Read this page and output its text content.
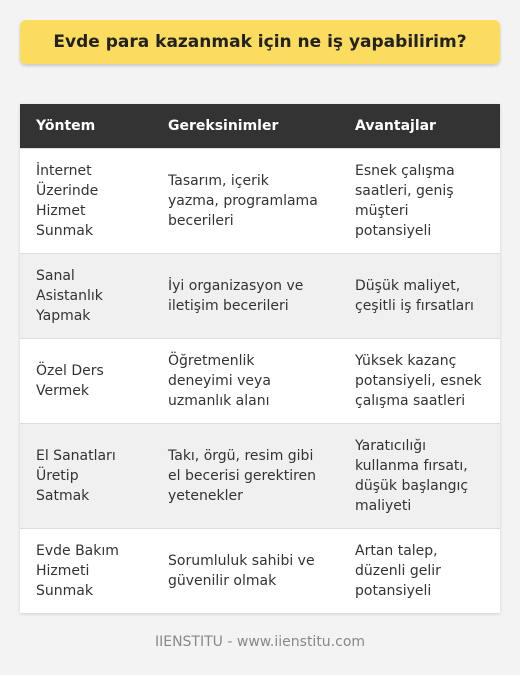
Evde para kazanmak için ne iş yapabilirim?
Yöntem	Gereksinimler	Avantajlar
İnternet Üzerinde Hizmet Sunmak	Tasarım, içerik yazma, programlama becerileri	Esnek çalışma saatleri, geniş müşteri potansiyeli
Sanal Asistanlık Yapmak	İyi organizasyon ve iletişim becerileri	Düşük maliyet, çeşitli iş fırsatları
Özel Ders Vermek	Öğretmenlik deneyimi veya uzmanlık alanı	Yüksek kazanç potansiyeli, esnek çalışma saatleri
El Sanatları Üretip Satmak	Takı, örgü, resim gibi el becerisi gerektiren yetenekler	Yaratıcılığı kullanma fırsatı, düşük başlangıç maliyeti
Evde Bakım Hizmeti Sunmak	Sorumluluk sahibi ve güvenilir olmak	Artan talep, düzenli gelir potansiyeli
IIENSTITU - www.iienstitu.com
